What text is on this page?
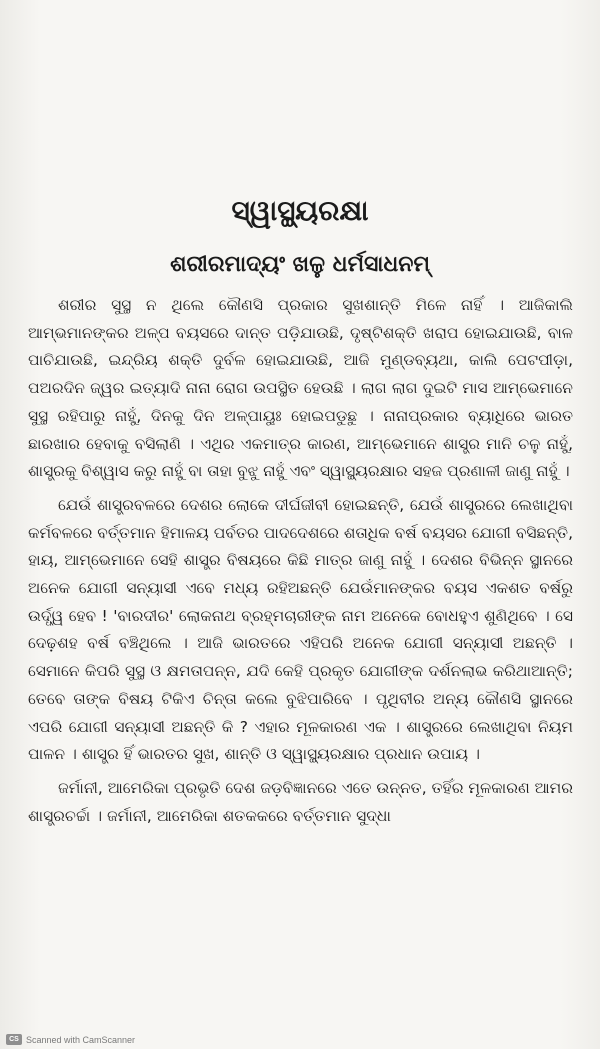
ସ୍ୱାସ୍ଥ୍ୟରକ୍ଷା
ଶରୀରମାଦ୍ୟଂ ଖଳୁ ଧର୍ମସାଧନମ୍

ଶରୀର ସୁସ୍ଥ ନ ଥିଲେ କୌଣସି ପ୍ରକାର ସୁଖଶାନ୍ତି ମିଳେ ନାହିଁ । ଆଜିକାଲି ଆମ୍ଭମାନଙ୍କର ଅଳ୍ପ ବୟସରେ ଦାନ୍ତ ପଡ଼ିଯାଉଛି, ଦୃଷ୍ଟିଶକ୍ତି ଖରାପ ହୋଇଯାଉଛି, ବାଳ ପାଚିଯାଉଛି, ଇନ୍ଦ୍ରିୟ ଶକ୍ତି ଦୁର୍ବଳ ହୋଇଯାଉଛି, ଆଜି ମୁଣ୍ଡବ୍ୟଥା, କାଲି ପେଟପୀଡ଼ା, ପଅରଦିନ ଜ୍ୱର ଇତ୍ୟାଦି ନାନା ରୋଗ ଉପସ୍ଥିତ ହେଉଛି । ଲାଗ ଲାଗ ଦୁଇଟି ମାସ ଆମ୍ଭେମାନେ ସୁସ୍ଥ ରହିପାରୁ ନାହୁଁ, ଦିନକୁ ଦିନ ଅଳ୍ପାୟୁଃ ହୋଇପଡୁଛୁ । ନାନାପ୍ରକାର ବ୍ୟାଧିରେ ଭାରତ ଛାରଖାର ହେବାକୁ ବସିଲାଣି । ଏଥିର ଏକମାତ୍ର କାରଣ, ଆମ୍ଭେମାନେ ଶାସ୍ତ୍ର ମାନି ଚଳୁ ନାହୁଁ, ଶାସ୍ତ୍ରକୁ ବିଶ୍ୱାସ କରୁ ନାହୁଁ ବା ତାହା ବୁଝୁ ନାହୁଁ ଏବଂ ସ୍ୱାସ୍ଥ୍ୟରକ୍ଷାର ସହଜ ପ୍ରଣାଳୀ ଜାଣୁ ନାହୁଁ ।

ଯେଉଁ ଶାସ୍ତ୍ରବଳରେ ଦେଶର ଲୋକେ ଦୀର୍ଘଜୀବୀ ହୋଇଛନ୍ତି, ଯେଉଁ ଶାସ୍ତ୍ରରେ ଲେଖାଥିବା କର୍ମବଳରେ ବର୍ତ୍ତମାନ ହିମାଳୟ ପର୍ବତର ପାଦଦେଶରେ ଶତାଧିକ ବର୍ଷ ବୟସର ଯୋଗୀ ବସିଛନ୍ତି, ହାୟ, ଆମ୍ଭେମାନେ ସେହି ଶାସ୍ତ୍ର ବିଷୟରେ କିଛି ମାତ୍ର ଜାଣୁ ନାହୁଁ । ଦେଶର ବିଭିନ୍ନ ସ୍ଥାନରେ ଅନେକ ଯୋଗୀ ସନ୍ୟାସୀ ଏବେ ମଧ୍ୟ ରହିଅଛନ୍ତି ଯେଉଁମାନଙ୍କର ବୟସ ଏକଶତ ବର୍ଷରୁ ଉର୍ଦ୍ଧ୍ୱ ହେବ ! 'ବାରଦୀର' ଲୋକନାଥ ବ୍ରହ୍ମଚାରୀଙ୍କ ନାମ ଅନେକେ ବୋଧହୁଏ ଶୁଣିଥିବେ । ସେ ଦେଢ଼ଶହ ବର୍ଷ ବଞ୍ଚିଥିଲେ । ଆଜି ଭାରତରେ ଏହିପରି ଅନେକ ଯୋଗୀ ସନ୍ୟାସୀ ଅଛନ୍ତି । ସେମାନେ କିପରି ସୁସ୍ଥ ଓ କ୍ଷମତାପନ୍ନ, ଯଦି କେହି ପ୍ରକୃତ ଯୋଗୀଙ୍କ ଦର୍ଶନଲାଭ କରିଥାଆନ୍ତି; ତେବେ ତାଙ୍କ ବିଷୟ ଟିକିଏ ଚିନ୍ତା କଲେ ବୁଝିପାରିବେ । ପୃଥିବୀର ଅନ୍ୟ କୌଣସି ସ୍ଥାନରେ ଏପରି ଯୋଗୀ ସନ୍ୟାସୀ ଅଛନ୍ତି କି ? ଏହାର ମୂଳକାରଣ ଏକ । ଶାସ୍ତ୍ରରେ ଲେଖାଥିବା ନିୟମ ପାଳନ । ଶାସ୍ତ୍ର ହିଁ ଭାରତର ସୁଖ, ଶାନ୍ତି ଓ ସ୍ୱାସ୍ଥ୍ୟରକ୍ଷାର ପ୍ରଧାନ ଉପାୟ ।

ଜର୍ମାନୀ, ଆମେରିକା ପ୍ରଭୃତି ଦେଶ ଜଡ଼ବିଜ୍ଞାନରେ ଏତେ ଉନ୍ନତ, ତହିଁର ମୂଳକାରଣ ଆମର ଶାସ୍ତ୍ରଚର୍ଚ୍ଚା । ଜର୍ମାନୀ, ଆମେରିକା ଶତକକରେ ବର୍ତ୍ତମାନ ସୁଦ୍ଧା

CS Scanned with CamScanner
